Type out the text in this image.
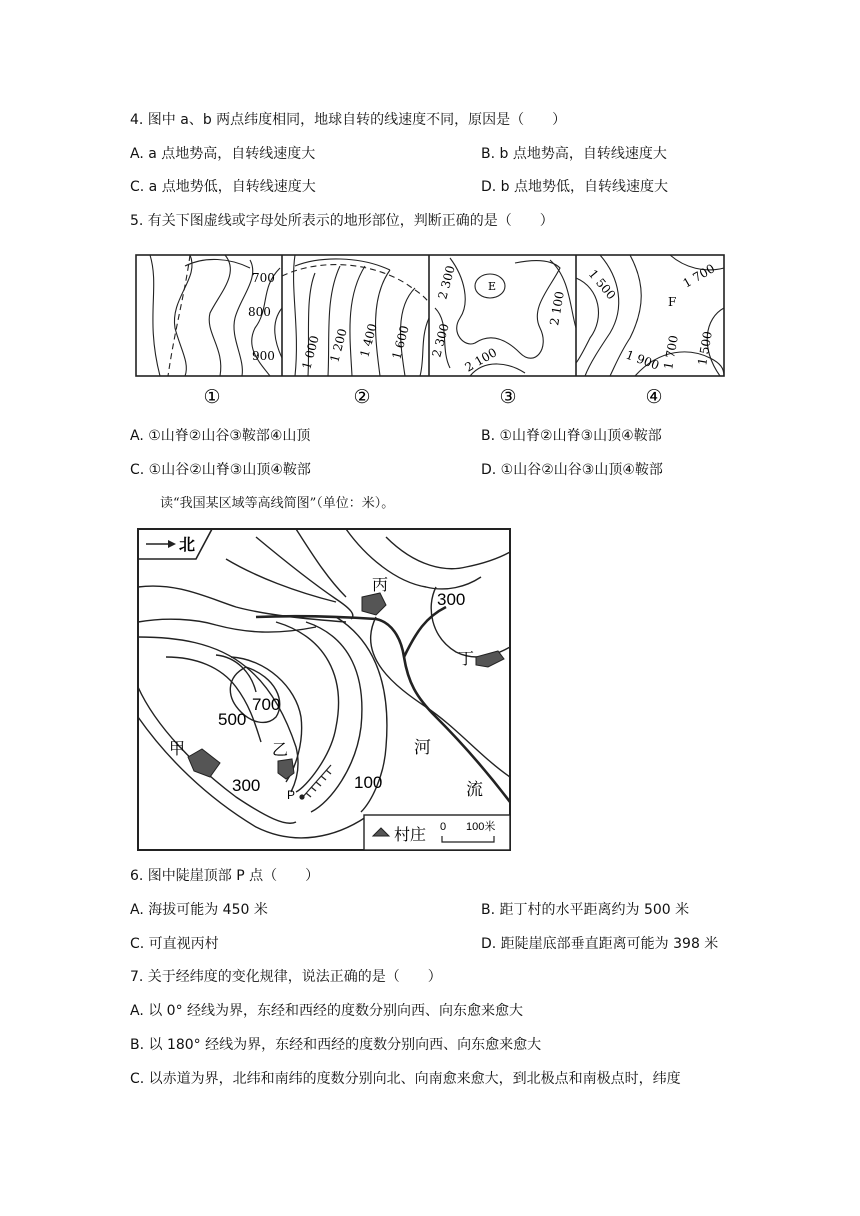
4. 图中 a、b 两点纬度相同，地球自转的线速度不同，原因是（　　）
A. a 点地势高，自转线速度大	B. b 点地势高，自转线速度大
C. a 点地势低，自转线速度大	D. b 点地势低，自转线速度大
5. 有关下图虚线或字母处所表示的地形部位，判断正确的是（　　）
700
800
900 1 000 1 200 1 400 1 600
E
2 300
2 300
2 100
2 100	F
1 500	1 700
1 900 1 700 1 500
①	②	③	④
A. ①山脊②山谷③鞍部④山顶	B. ①山脊②山脊③山顶④鞍部
C. ①山谷②山脊③山顶④鞍部	D. ①山谷②山谷③山顶④鞍部
读“我国某区域等高线简图”（单位：米）。
北
丙
丁
甲	乙
700
500
300
300
100
河
流
P
村庄 0 100米
6. 图中陡崖顶部 P 点（　　）
A. 海拔可能为 450 米	B. 距丁村的水平距离约为 500 米
C. 可直视丙村	D. 距陡崖底部垂直距离可能为 398 米
7. 关于经纬度的变化规律，说法正确的是（　　）
A. 以 0° 经线为界，东经和西经的度数分别向西、向东愈来愈大
B. 以 180° 经线为界，东经和西经的度数分别向西、向东愈来愈大
C. 以赤道为界，北纬和南纬的度数分别向北、向南愈来愈大，到北极点和南极点时，纬度
